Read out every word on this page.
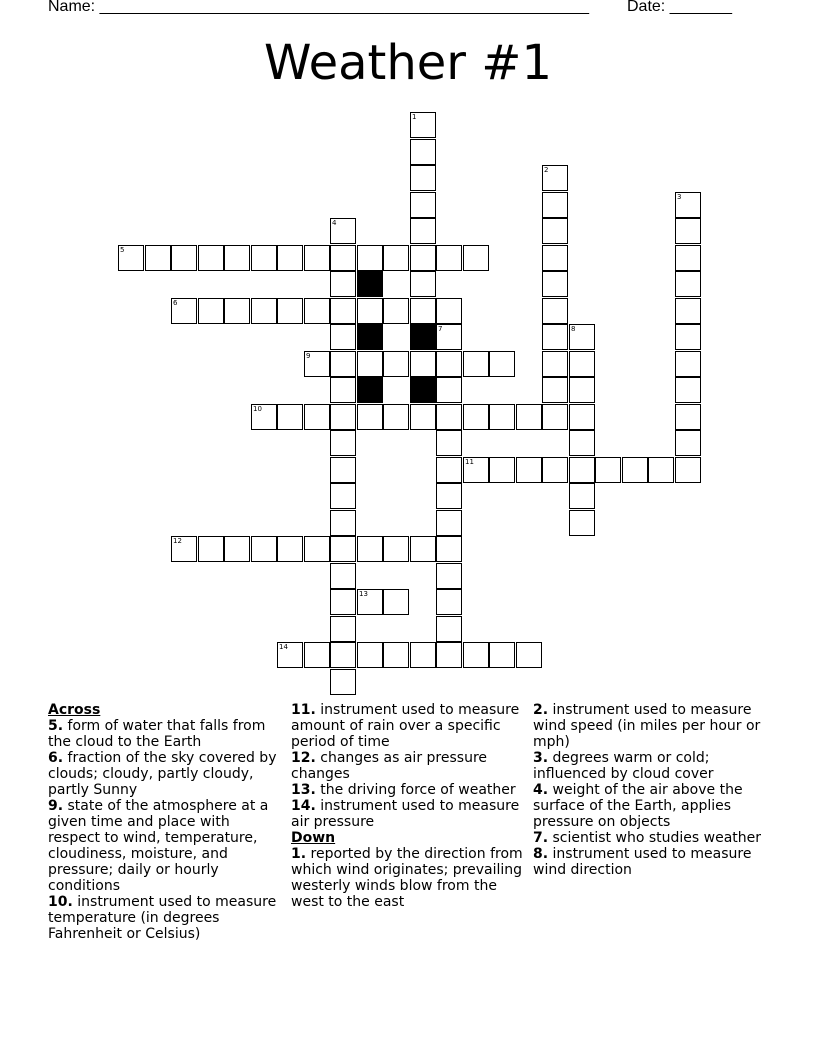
Name: _______________________________________________________ Date: _______
Weather #1
1
2
3
4
5
6
7	8
9
10
11
12
13
14
Across

5. form of water that falls from the cloud to the Earth

6. fraction of the sky covered by clouds; cloudy, partly cloudy, partly Sunny

9. state of the atmosphere at a given time and place with respect to wind, temperature, cloudiness, moisture, and pressure; daily or hourly conditions

10. instrument used to measure temperature (in degrees Fahrenheit or Celsius)

11. instrument used to measure amount of rain over a specific period of time

12. changes as air pressure changes

13. the driving force of weather

14. instrument used to measure air pressure

Down

1. reported by the direction from which wind originates; prevailing westerly winds blow from the west to the east

2. instrument used to measure wind speed (in miles per hour or mph)

3. degrees warm or cold; influenced by cloud cover

4. weight of the air above the surface of the Earth, applies pressure on objects

7. scientist who studies weather

8. instrument used to measure wind direction
